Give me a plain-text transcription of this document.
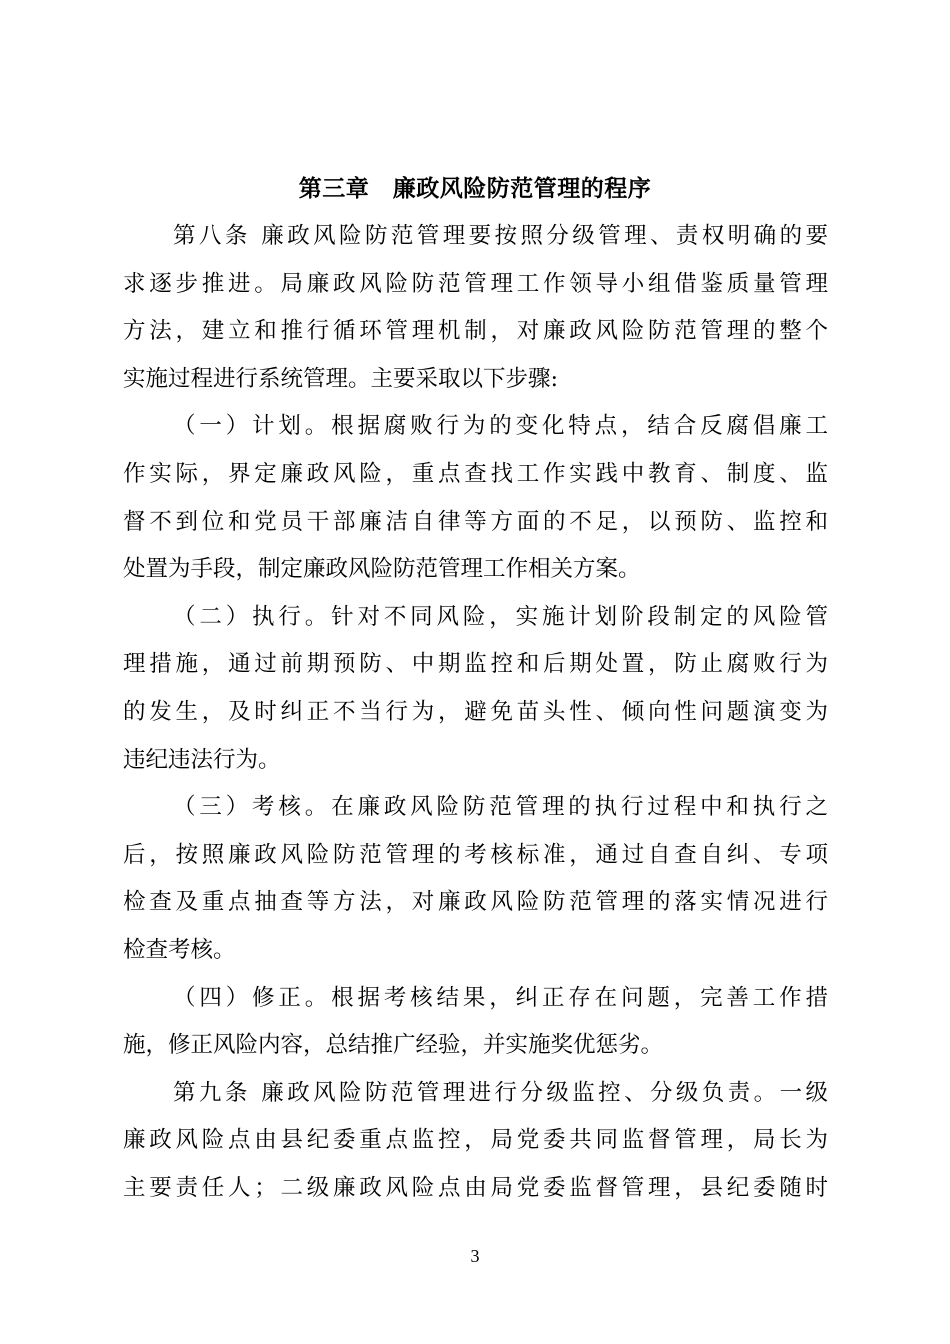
第三章　廉政风险防范管理的程序
第八条 廉政风险防范管理要按照分级管理、责权明确的要
求逐步推进。局廉政风险防范管理工作领导小组借鉴质量管理
方法，建立和推行循环管理机制，对廉政风险防范管理的整个
实施过程进行系统管理。主要采取以下步骤:
（一）计划。根据腐败行为的变化特点，结合反腐倡廉工
作实际，界定廉政风险，重点查找工作实践中教育、制度、监
督不到位和党员干部廉洁自律等方面的不足，以预防、监控和
处置为手段，制定廉政风险防范管理工作相关方案。
（二）执行。针对不同风险，实施计划阶段制定的风险管
理措施，通过前期预防、中期监控和后期处置，防止腐败行为
的发生，及时纠正不当行为，避免苗头性、倾向性问题演变为
违纪违法行为。
（三）考核。在廉政风险防范管理的执行过程中和执行之
后，按照廉政风险防范管理的考核标准，通过自查自纠、专项
检查及重点抽查等方法，对廉政风险防范管理的落实情况进行
检查考核。
（四）修正。根据考核结果，纠正存在问题，完善工作措
施，修正风险内容，总结推广经验，并实施奖优惩劣。
第九条 廉政风险防范管理进行分级监控、分级负责。一级
廉政风险点由县纪委重点监控，局党委共同监督管理，局长为
主要责任人；二级廉政风险点由局党委监督管理，县纪委随时
3
